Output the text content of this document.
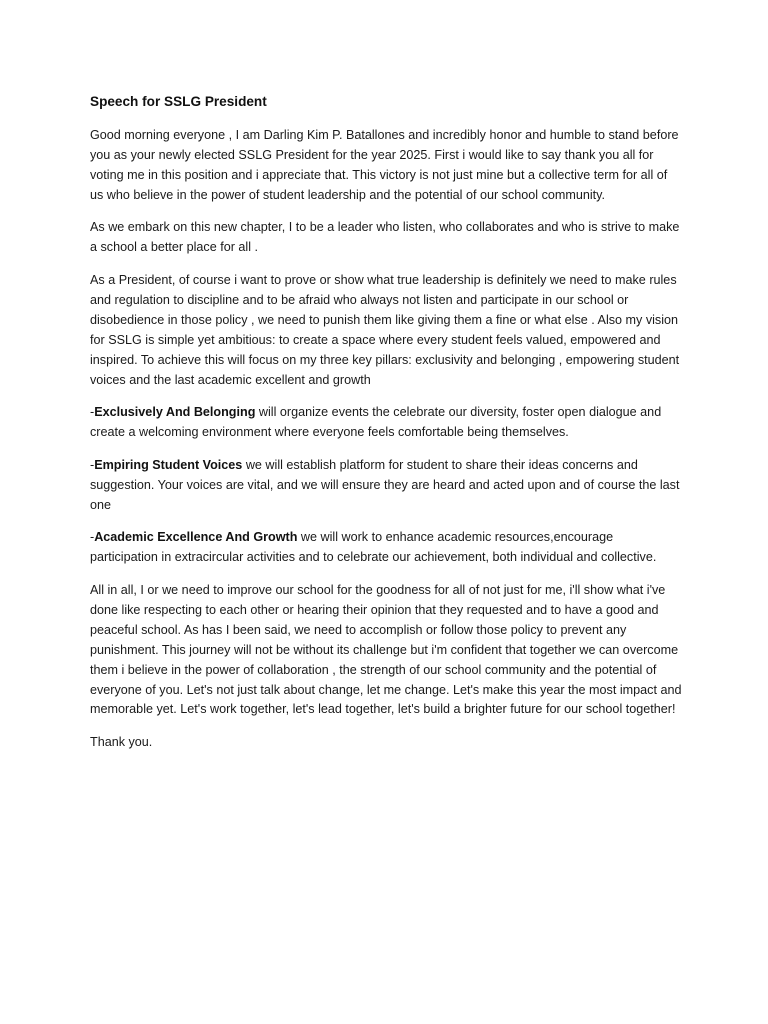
Speech for SSLG President

Good morning everyone , I am Darling Kim P. Batallones and incredibly honor and humble to stand before you as your newly elected SSLG President for the year 2025. First i would like to say thank you all for voting me in this position and i appreciate that. This victory is not just mine but a collective term for all of us who believe in the power of student leadership and the potential of our school community.

As we embark on this new chapter, I to be a leader who listen, who collaborates and who is strive to make a school a better place for all .

As a President, of course i want to prove or show what true leadership is definitely we need to make rules and regulation to discipline and to be afraid who always not listen and participate in our school or disobedience in those policy , we need to punish them like giving them a fine or what else . Also my vision for SSLG is simple yet ambitious: to create a space where every student feels valued, empowered and inspired. To achieve this will focus on my three key pillars: exclusivity and belonging , empowering student voices and the last academic excellent and growth

-Exclusively And Belonging will organize events the celebrate our diversity, foster open dialogue and create a welcoming environment where everyone feels comfortable being themselves.

-Empiring Student Voices we will establish platform for student to share their ideas concerns and suggestion. Your voices are vital, and we will ensure they are heard and acted upon and of course the last one

-Academic Excellence And Growth we will work to enhance academic resources,encourage participation in extracircular activities and to celebrate our achievement, both individual and collective.

All in all, I or we need to improve our school for the goodness for all of not just for me, i'll show what i've done like respecting to each other or hearing their opinion that they requested and to have a good and peaceful school. As has I been said, we need to accomplish or follow those policy to prevent any punishment. This journey will not be without its challenge but i'm confident that together we can overcome them i believe in the power of collaboration , the strength of our school community and the potential of everyone of you. Let's not just talk about change, let me change. Let's make this year the most impact and memorable yet. Let's work together, let's lead together, let's build a brighter future for our school together!

Thank you.
